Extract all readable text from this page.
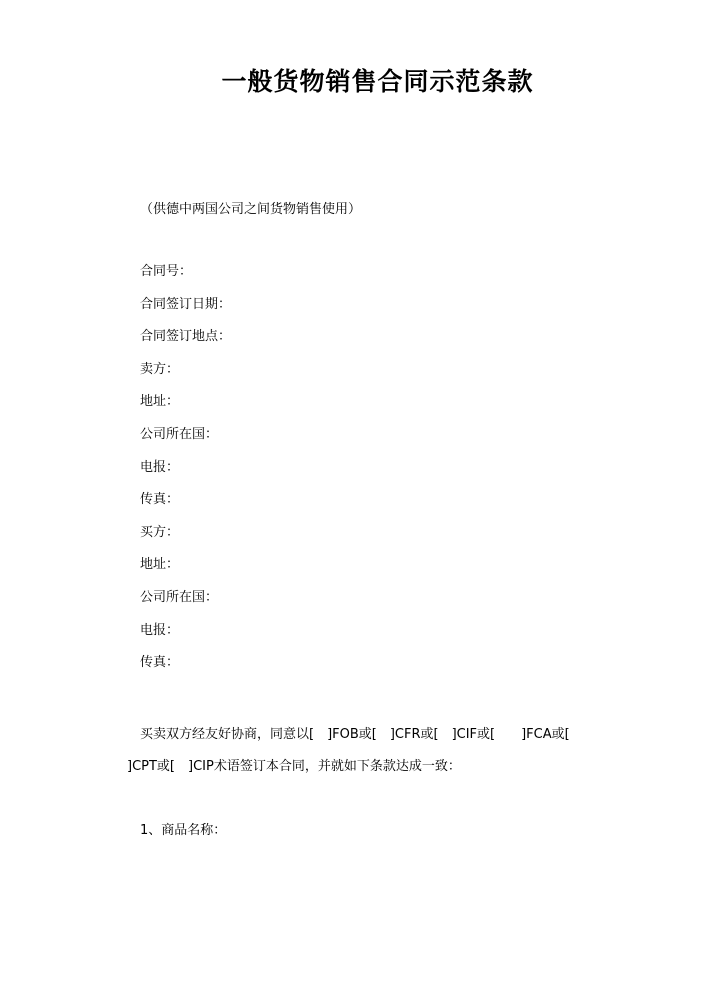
一般货物销售合同示范条款
（供德中两国公司之间货物销售使用）
合同号：
合同签订日期：
合同签订地点：
卖方：
地址：
公司所在国：
电报：
传真：
买方：
地址：
公司所在国：
电报：
传真：
买卖双方经友好协商，同意以[　]FOB或[　]CFR或[　]CIF或[　　]FCA或[
]CPT或[　]CIP术语签订本合同，并就如下条款达成一致：
1、商品名称：
